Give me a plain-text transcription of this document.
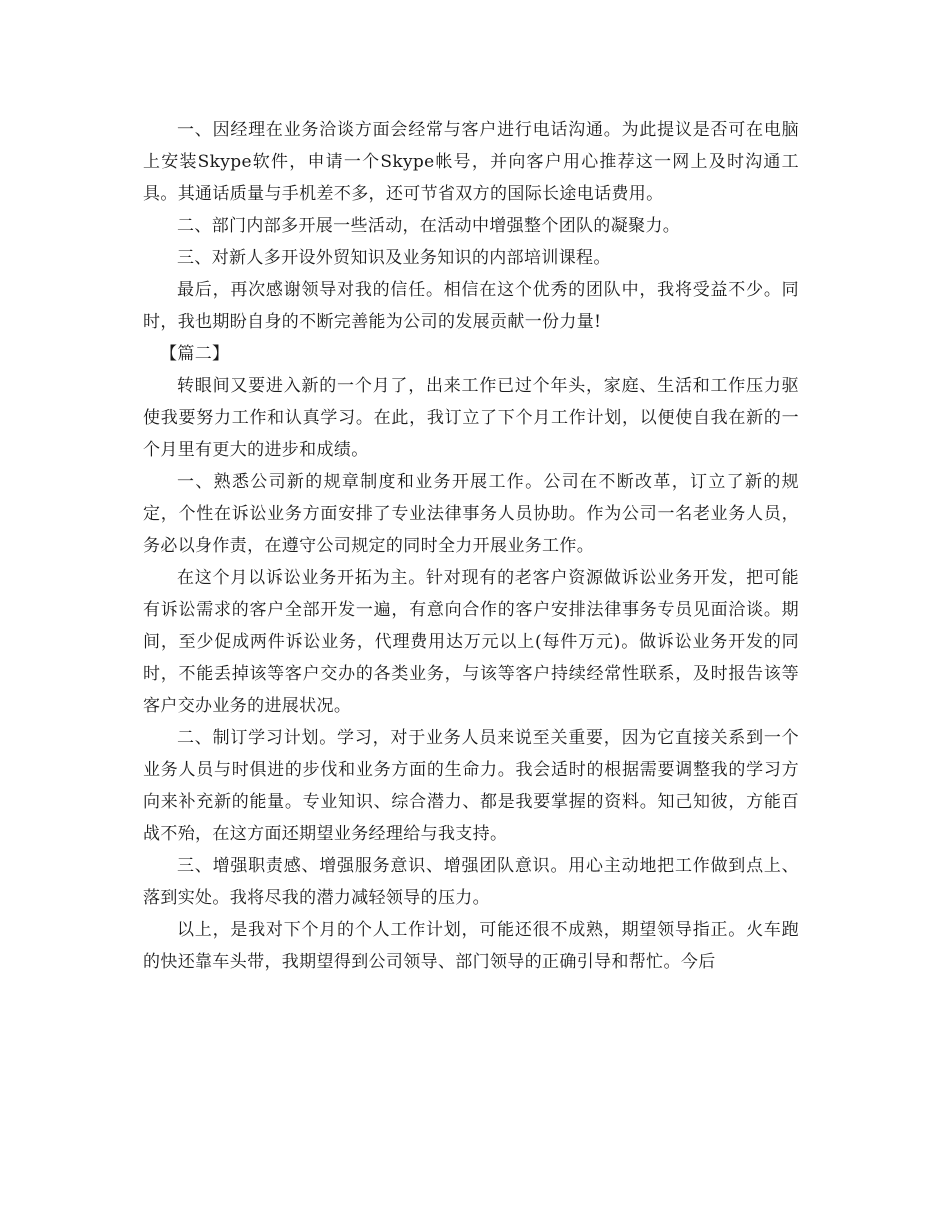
一、因经理在业务洽谈方面会经常与客户进行电话沟通。为此提议是否可在电脑上安装Skype软件，申请一个Skype帐号，并向客户用心推荐这一网上及时沟通工具。其通话质量与手机差不多，还可节省双方的国际长途电话费用。

二、部门内部多开展一些活动，在活动中增强整个团队的凝聚力。

三、对新人多开设外贸知识及业务知识的内部培训课程。

最后，再次感谢领导对我的信任。相信在这个优秀的团队中，我将受益不少。同时，我也期盼自身的不断完善能为公司的发展贡献一份力量!

【篇二】

转眼间又要进入新的一个月了，出来工作已过个年头，家庭、生活和工作压力驱使我要努力工作和认真学习。在此，我订立了下个月工作计划，以便使自我在新的一个月里有更大的进步和成绩。

一、熟悉公司新的规章制度和业务开展工作。公司在不断改革，订立了新的规定，个性在诉讼业务方面安排了专业法律事务人员协助。作为公司一名老业务人员，务必以身作责，在遵守公司规定的同时全力开展业务工作。

在这个月以诉讼业务开拓为主。针对现有的老客户资源做诉讼业务开发，把可能有诉讼需求的客户全部开发一遍，有意向合作的客户安排法律事务专员见面洽谈。期间，至少促成两件诉讼业务，代理费用达万元以上(每件万元)。做诉讼业务开发的同时，不能丢掉该等客户交办的各类业务，与该等客户持续经常性联系，及时报告该等客户交办业务的进展状况。

二、制订学习计划。学习，对于业务人员来说至关重要，因为它直接关系到一个业务人员与时俱进的步伐和业务方面的生命力。我会适时的根据需要调整我的学习方向来补充新的能量。专业知识、综合潜力、都是我要掌握的资料。知己知彼，方能百战不殆，在这方面还期望业务经理给与我支持。

三、增强职责感、增强服务意识、增强团队意识。用心主动地把工作做到点上、落到实处。我将尽我的潜力减轻领导的压力。

以上，是我对下个月的个人工作计划，可能还很不成熟，期望领导指正。火车跑的快还靠车头带，我期望得到公司领导、部门领导的正确引导和帮忙。今后
